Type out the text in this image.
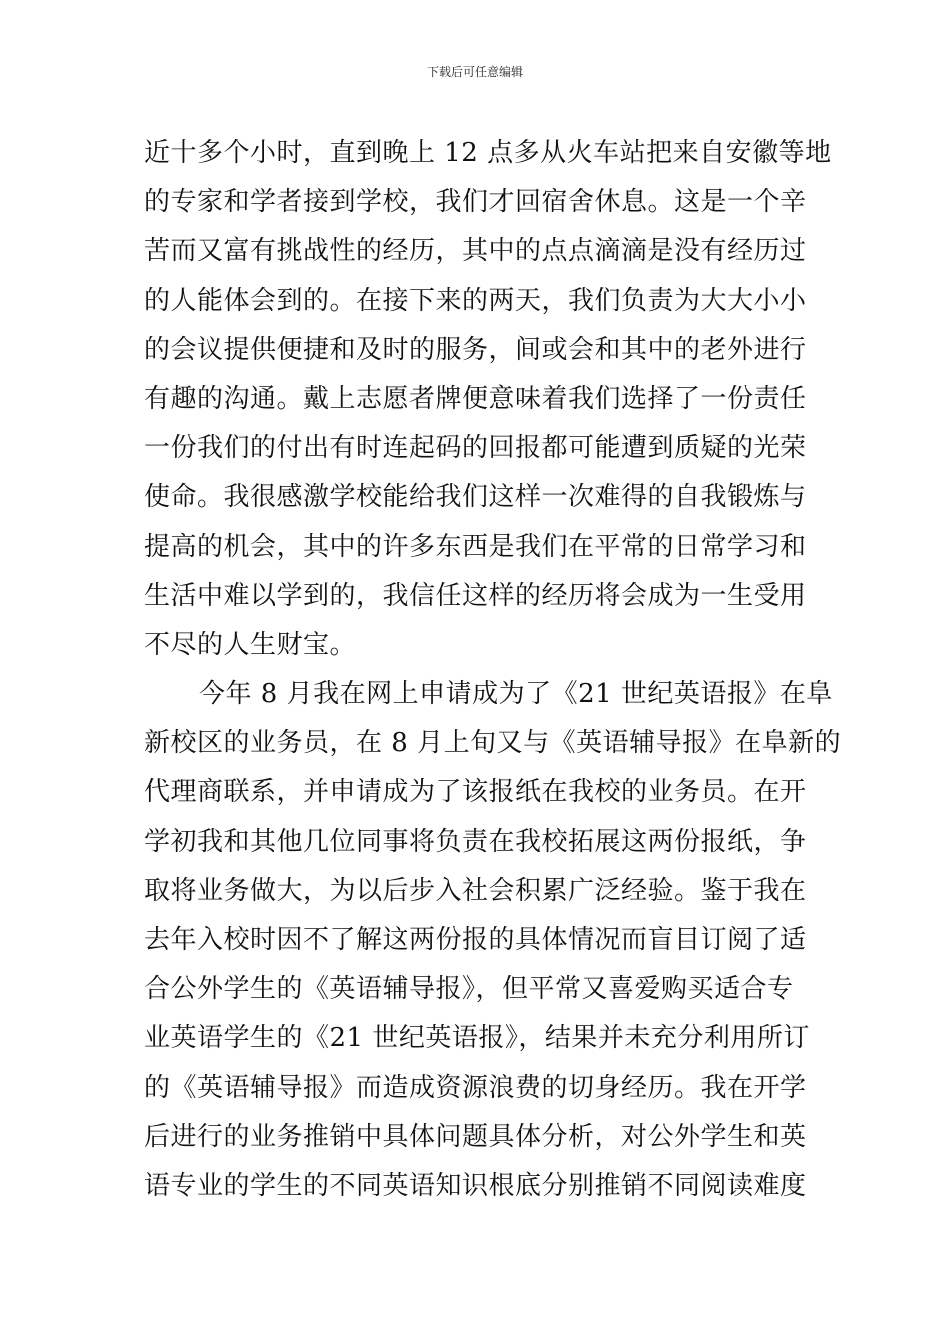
下载后可任意编辑
近十多个小时，直到晚上 12 点多从火车站把来自安徽等地
的专家和学者接到学校，我们才回宿舍休息。这是一个辛
苦而又富有挑战性的经历，其中的点点滴滴是没有经历过
的人能体会到的。在接下来的两天，我们负责为大大小小
的会议提供便捷和及时的服务，间或会和其中的老外进行
有趣的沟通。戴上志愿者牌便意味着我们选择了一份责任
一份我们的付出有时连起码的回报都可能遭到质疑的光荣
使命。我很感激学校能给我们这样一次难得的自我锻炼与
提高的机会，其中的许多东西是我们在平常的日常学习和
生活中难以学到的，我信任这样的经历将会成为一生受用
不尽的人生财宝。
今年 8 月我在网上申请成为了《21 世纪英语报》在阜
新校区的业务员，在 8 月上旬又与《英语辅导报》在阜新的
代理商联系，并申请成为了该报纸在我校的业务员。在开
学初我和其他几位同事将负责在我校拓展这两份报纸，争
取将业务做大，为以后步入社会积累广泛经验。鉴于我在
去年入校时因不了解这两份报的具体情况而盲目订阅了适
合公外学生的《英语辅导报》，但平常又喜爱购买适合专
业英语学生的《21 世纪英语报》，结果并未充分利用所订
的《英语辅导报》而造成资源浪费的切身经历。我在开学
后进行的业务推销中具体问题具体分析，对公外学生和英
语专业的学生的不同英语知识根底分别推销不同阅读难度
